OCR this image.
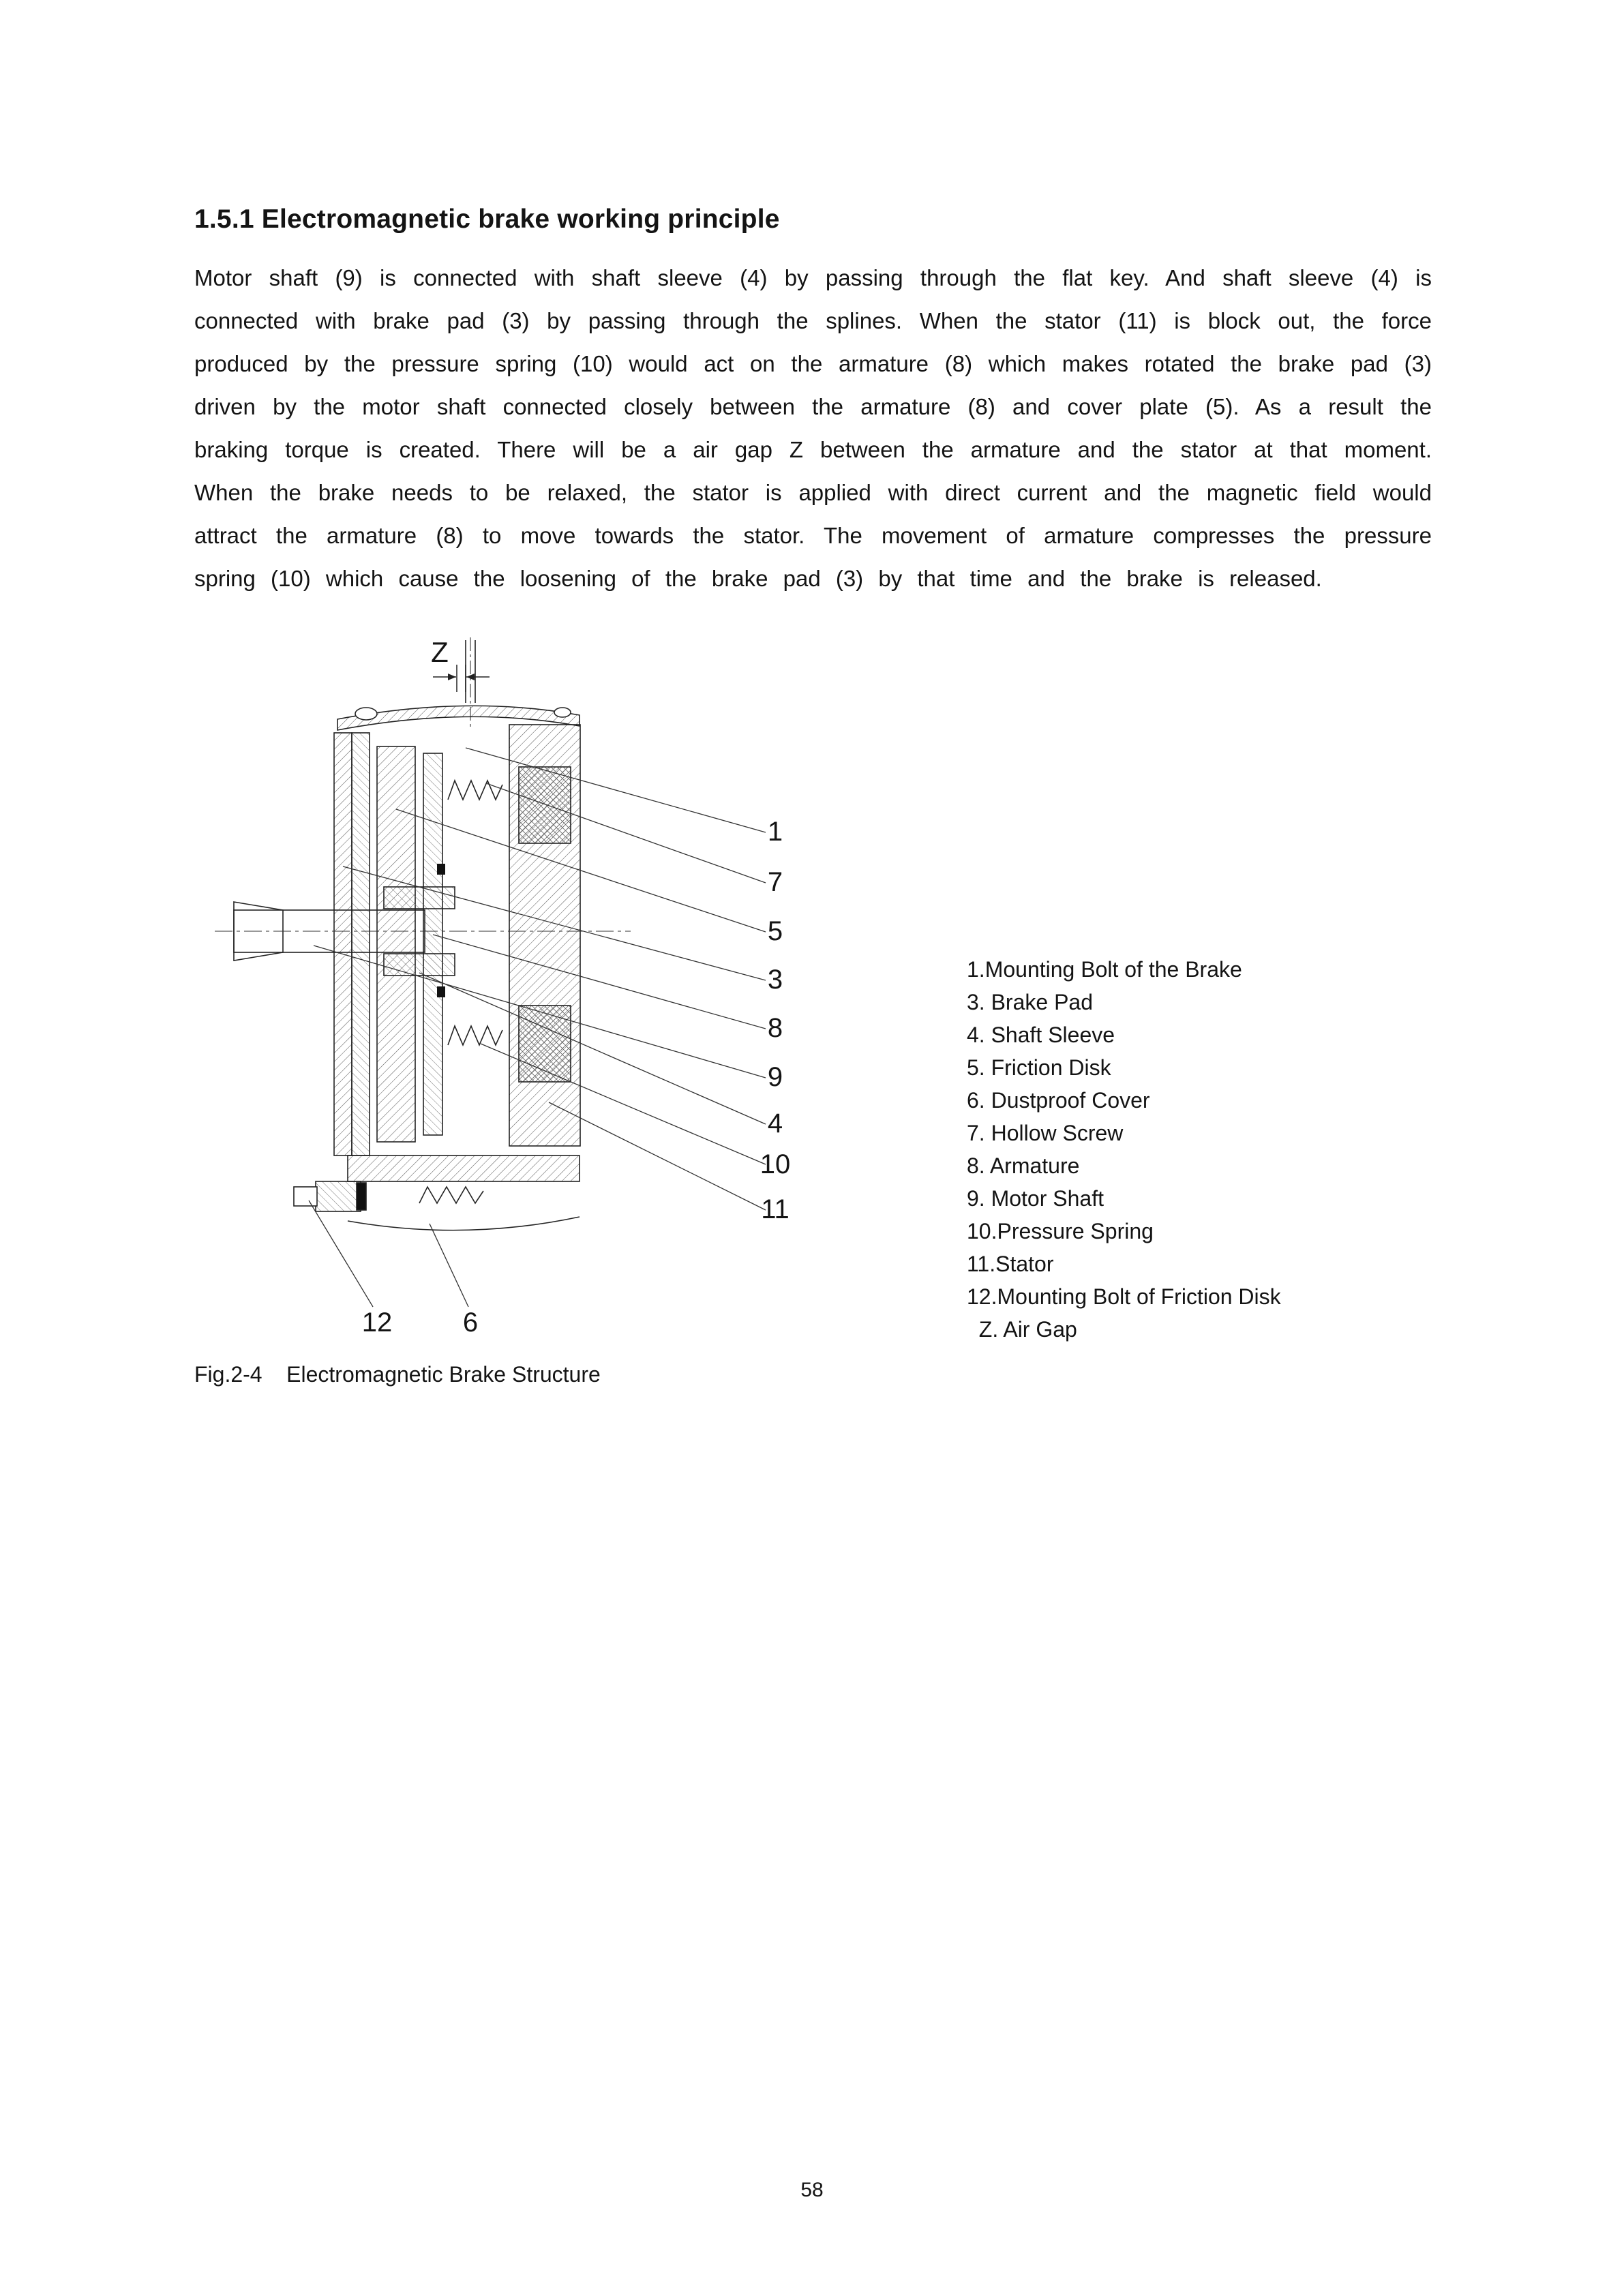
1.5.1 Electromagnetic brake working principle

Motor shaft (9) is connected with shaft sleeve (4) by passing through the flat key. And shaft sleeve (4) is connected with brake pad (3) by passing through the splines. When the stator (11) is block out, the force produced by the pressure spring (10) would act on the armature (8) which makes rotated the brake pad (3) driven by the motor shaft connected closely between the armature (8) and cover plate (5). As a result the braking torque is created. There will be a air gap Z between the armature and the stator at that moment. When the brake needs to be relaxed, the stator is applied with direct current and the magnetic field would attract the armature (8) to move towards the stator. The movement of armature compresses the pressure spring (10) which cause the loosening of the brake pad (3) by that time and the brake is released.

Z
1
7
5
3
8
9
4
10
11
12	6
1.Mounting Bolt of the Brake
3. Brake Pad
4. Shaft Sleeve
5. Friction Disk
6. Dustproof Cover
7. Hollow Screw
8. Armature
9. Motor Shaft
10.Pressure Spring
11.Stator
12.Mounting Bolt of Friction Disk
Z. Air Gap

Fig.2-4    Electromagnetic Brake Structure

58
